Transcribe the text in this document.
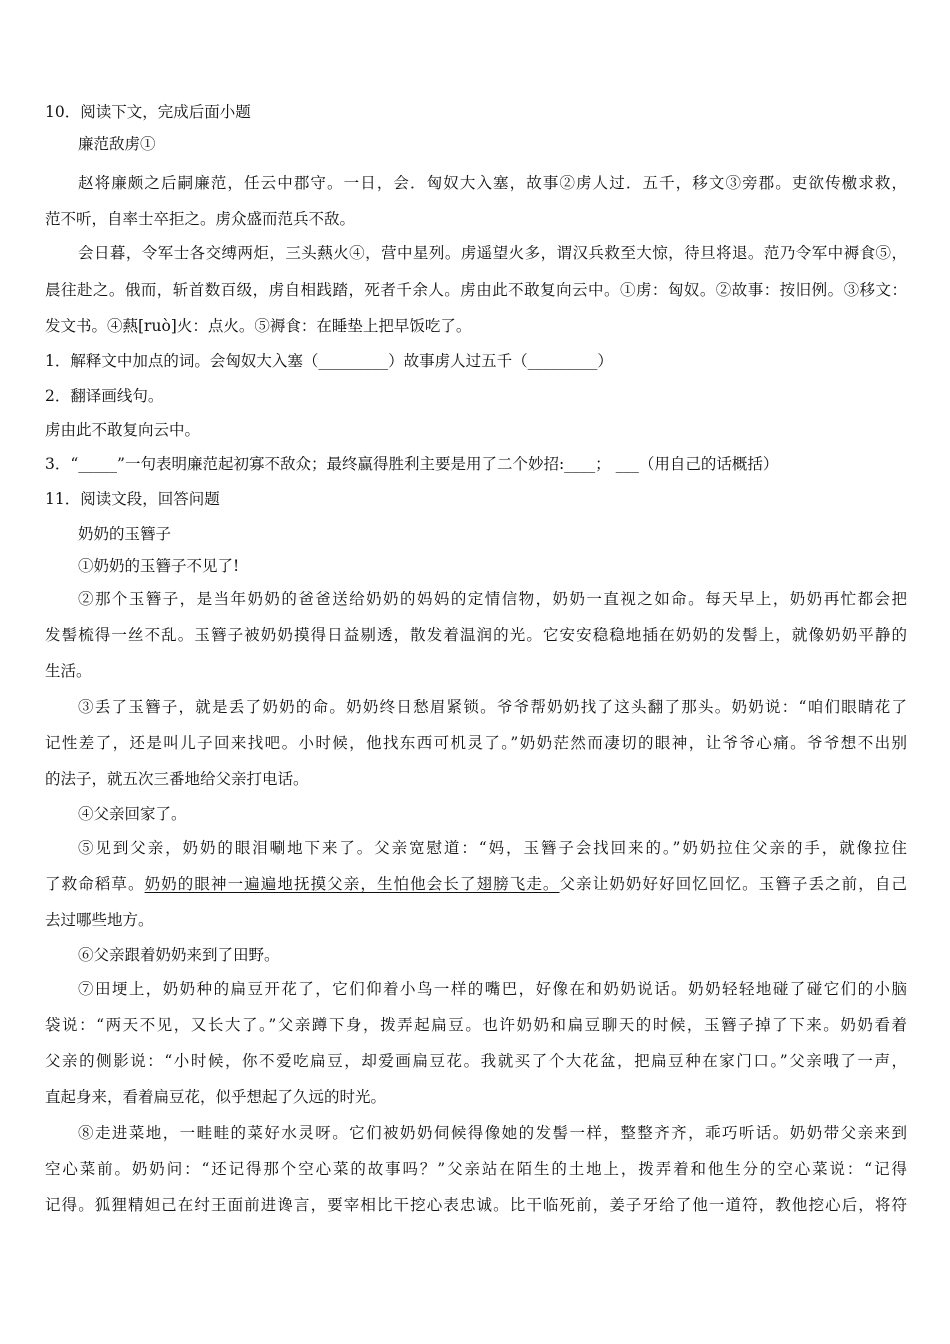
10．阅读下文，完成后面小题
廉范敌虏①
赵将廉颇之后嗣廉范，任云中郡守。一日，会．匈奴大入塞，故事②虏人过．五千，移文③旁郡。吏欲传檄求救，
范不听，自率士卒拒之。虏众盛而范兵不敌。
会日暮，令军士各交缚两炬，三头爇火④，营中星列。虏遥望火多，谓汉兵救至大惊，待旦将退。范乃令军中褥食⑤，
晨往赴之。俄而，斩首数百级，虏自相践踏，死者千余人。虏由此不敢复向云中。①虏：匈奴。②故事：按旧例。③移文：
发文书。④爇[ruò]火：点火。⑤褥食：在睡垫上把早饭吃了。
1．解释文中加点的词。会匈奴大入塞（_________）故事虏人过五千（_________）
2．翻译画线句。
虏由此不敢复向云中。
3．“_____”一句表明廉范起初寡不敌众；最终赢得胜利主要是用了二个妙招:____； ___（用自己的话概括）
11．阅读文段，回答问题
奶奶的玉簪子
①奶奶的玉簪子不见了!
②那个玉簪子，是当年奶奶的爸爸送给奶奶的妈妈的定情信物，奶奶一直视之如命。每天早上，奶奶再忙都会把
发髻梳得一丝不乱。玉簪子被奶奶摸得日益剔透，散发着温润的光。它安安稳稳地插在奶奶的发髻上，就像奶奶平静的
生活。
③丢了玉簪子，就是丢了奶奶的命。奶奶终日愁眉紧锁。爷爷帮奶奶找了这头翻了那头。奶奶说：“咱们眼睛花了
记性差了，还是叫儿子回来找吧。小时候，他找东西可机灵了。”奶奶茫然而凄切的眼神，让爷爷心痛。爷爷想不出别
的法子，就五次三番地给父亲打电话。
④父亲回家了。
⑤见到父亲，奶奶的眼泪唰地下来了。父亲宽慰道：“妈，玉簪子会找回来的。”奶奶拉住父亲的手，就像拉住
了救命稻草。奶奶的眼神一遍遍地抚摸父亲，生怕他会长了翅膀飞走。父亲让奶奶好好回忆回忆。玉簪子丢之前，自己
去过哪些地方。
⑥父亲跟着奶奶来到了田野。
⑦田埂上，奶奶种的扁豆开花了，它们仰着小鸟一样的嘴巴，好像在和奶奶说话。奶奶轻轻地碰了碰它们的小脑
袋说：“两天不见，又长大了。”父亲蹲下身，拨弄起扁豆。也许奶奶和扁豆聊天的时候，玉簪子掉了下来。奶奶看着
父亲的侧影说：“小时候，你不爱吃扁豆，却爱画扁豆花。我就买了个大花盆，把扁豆种在家门口。”父亲哦了一声，
直起身来，看着扁豆花，似乎想起了久远的时光。
⑧走进菜地，一畦畦的菜好水灵呀。它们被奶奶伺候得像她的发髻一样，整整齐齐，乖巧听话。奶奶带父亲来到
空心菜前。奶奶问：“还记得那个空心菜的故事吗？”父亲站在陌生的土地上，拨弄着和他生分的空心菜说：“记得
记得。狐狸精妲己在纣王面前进谗言，要宰相比干挖心表忠诚。比干临死前，姜子牙给了他一道符，教他挖心后，将符
